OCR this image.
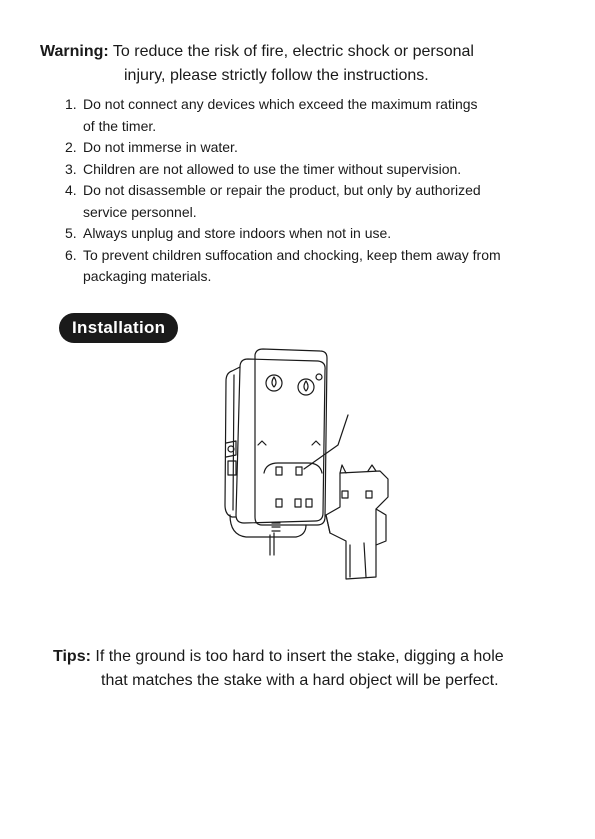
Warning: To reduce the risk of fire, electric shock or personal
injury, please strictly follow the instructions.
1. Do not connect any devices which exceed the maximum ratings
of the timer.
2. Do not immerse in water.
3. Children are not allowed to use the timer without supervision.
4. Do not disassemble or repair the product, but only by authorized
service personnel.
5. Always unplug and store indoors when not in use.
6. To prevent children suffocation and chocking, keep them away from
packaging materials.
Installation
Tips: If the ground is too hard to insert the stake, digging a hole
that matches the stake with a hard object will be perfect.
